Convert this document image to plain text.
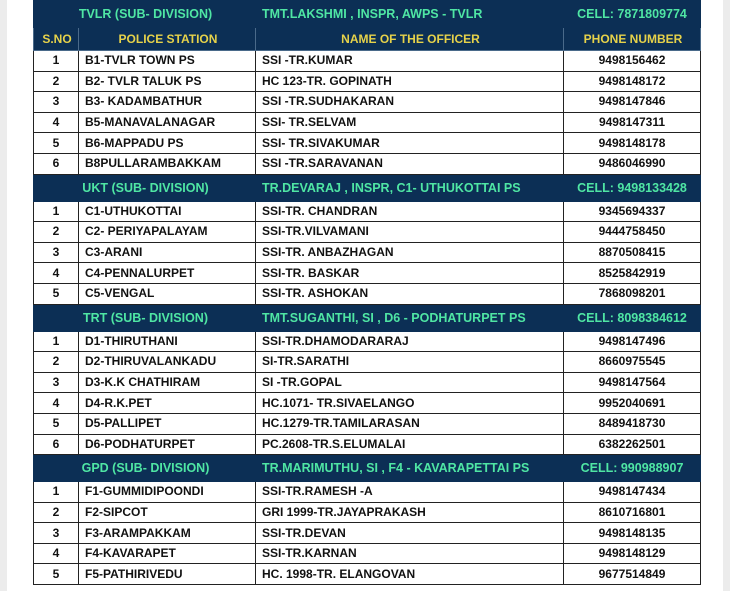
TVLR (SUB- DIVISION)		TMT.LAKSHMI , INSPR, AWPS - TVLR	CELL: 7871809774
S.NO	POLICE STATION	NAME OF THE OFFICER	PHONE NUMBER
1	B1-TVLR TOWN PS	SSI -TR.KUMAR	9498156462
2	B2- TVLR TALUK PS	HC 123-TR. GOPINATH	9498148172
3	B3- KADAMBATHUR	SSI -TR.SUDHAKARAN	9498147846
4	B5-MANAVALANAGAR	SSI- TR.SELVAM	9498147311
5	B6-MAPPADU PS	SSI- TR.SIVAKUMAR	9498148178
6	B8PULLARAMBAKKAM	SSI -TR.SARAVANAN	9486046990
UKT (SUB- DIVISION)		TR.DEVARAJ , INSPR, C1- UTHUKOTTAI PS	CELL: 9498133428
1	C1-UTHUKOTTAI	SSI-TR. CHANDRAN	9345694337
2	C2- PERIYAPALAYAM	SSI-TR.VILVAMANI	9444758450
3	C3-ARANI	SSI-TR. ANBAZHAGAN	8870508415
4	C4-PENNALURPET	SSI-TR. BASKAR	8525842919
5	C5-VENGAL	SSI-TR. ASHOKAN	7868098201
TRT (SUB- DIVISION)		TMT.SUGANTHI, SI , D6 - PODHATURPET PS	CELL: 8098384612
1	D1-THIRUTHANI	SSI-TR.DHAMODARARAJ	9498147496
2	D2-THIRUVALANKADU	SI-TR.SARATHI	8660975545
3	D3-K.K CHATHIRAM	SI -TR.GOPAL	9498147564
4	D4-R.K.PET	HC.1071- TR.SIVAELANGO	9952040691
5	D5-PALLIPET	HC.1279-TR.TAMILARASAN	8489418730
6	D6-PODHATURPET	PC.2608-TR.S.ELUMALAI	6382262501
GPD (SUB- DIVISION)		TR.MARIMUTHU, SI , F4 - KAVARAPETTAI PS	CELL: 990988907
1	F1-GUMMIDIPOONDI	SSI-TR.RAMESH -A	9498147434
2	F2-SIPCOT	GRI 1999-TR.JAYAPRAKASH	8610716801
3	F3-ARAMPAKKAM	SSI-TR.DEVAN	9498148135
4	F4-KAVARAPET	SSI-TR.KARNAN	9498148129
5	F5-PATHIRIVEDU	HC. 1998-TR. ELANGOVAN	9677514849
